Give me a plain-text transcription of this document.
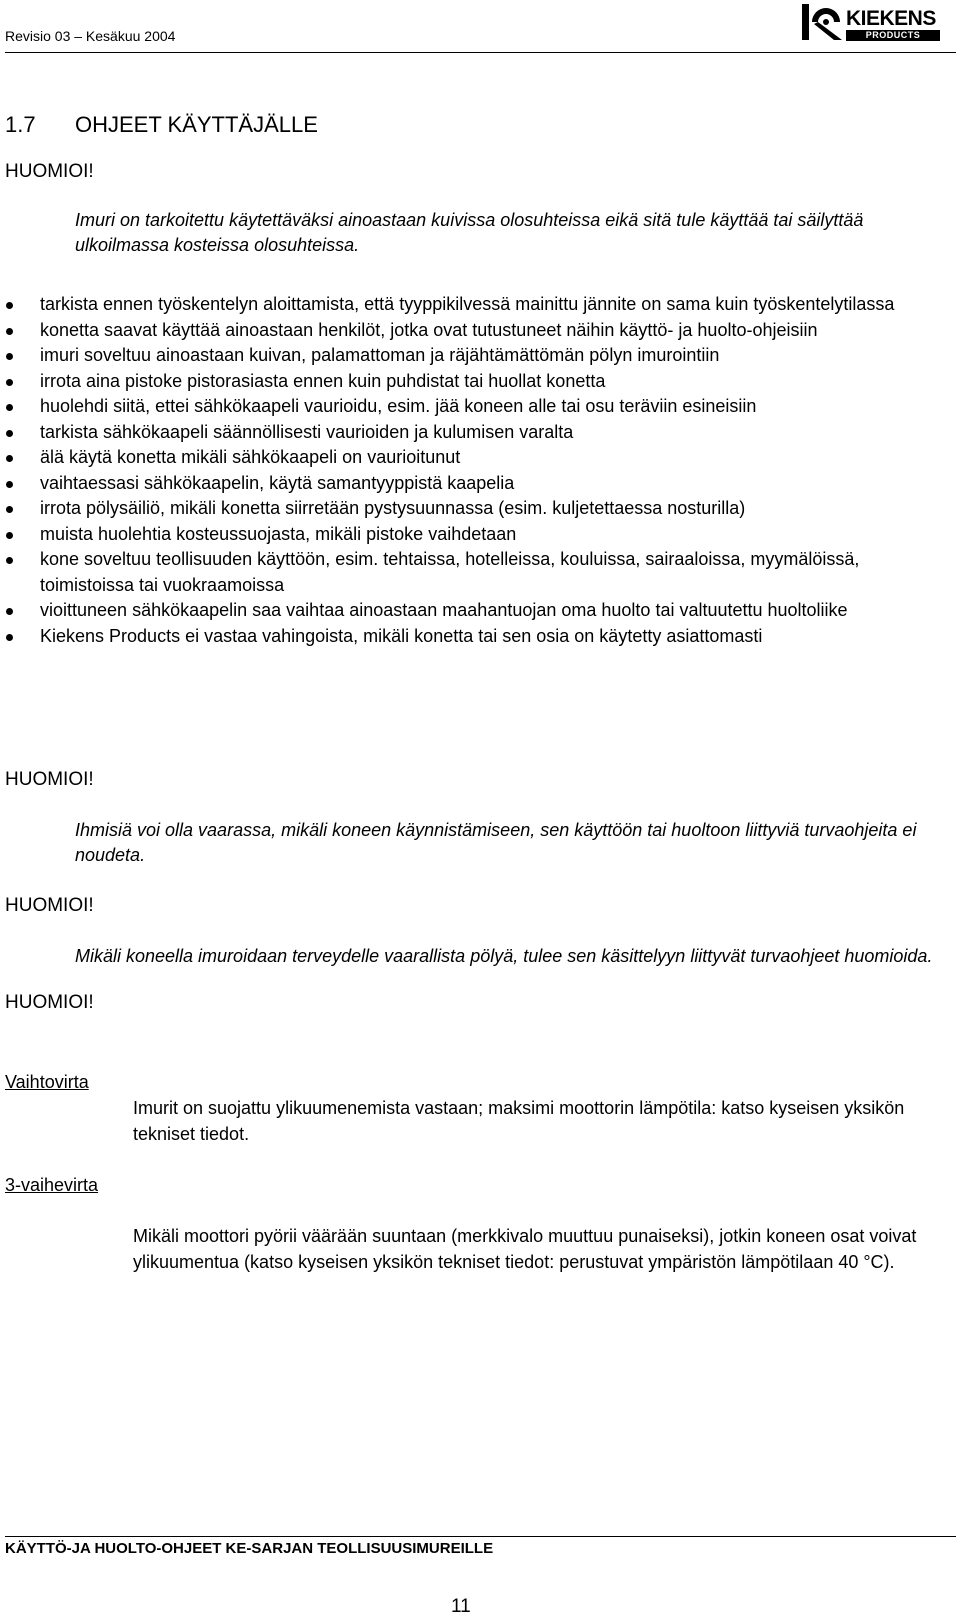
Revisio 03 – Kesäkuu 2004
KIEKENS
PRODUCTS
1.7 OHJEET KÄYTTÄJÄLLE
HUOMIOI!
Imuri on tarkoitettu käytettäväksi ainoastaan kuivissa olosuhteissa eikä sitä tule käyttää tai säilyttää ulkoilmassa kosteissa olosuhteissa.
tarkista ennen työskentelyn aloittamista, että tyyppikilvessä mainittu jännite on sama kuin työskentelytilassa
konetta saavat käyttää ainoastaan henkilöt, jotka ovat tutustuneet näihin käyttö- ja huolto-ohjeisiin
imuri soveltuu ainoastaan kuivan, palamattoman ja räjähtämättömän pölyn imurointiin
irrota aina pistoke pistorasiasta ennen kuin puhdistat tai huollat konetta
huolehdi siitä, ettei sähkökaapeli vaurioidu, esim. jää koneen alle tai osu teräviin esineisiin
tarkista sähkökaapeli säännöllisesti vaurioiden ja kulumisen varalta
älä käytä konetta mikäli sähkökaapeli on vaurioitunut
vaihtaessasi sähkökaapelin, käytä samantyyppistä kaapelia
irrota pölysäiliö, mikäli konetta siirretään pystysuunnassa (esim. kuljetettaessa nosturilla)
muista huolehtia kosteussuojasta, mikäli pistoke vaihdetaan
kone soveltuu teollisuuden käyttöön, esim. tehtaissa, hotelleissa, kouluissa, sairaaloissa, myymälöissä, toimistoissa tai vuokraamoissa
vioittuneen sähkökaapelin saa vaihtaa ainoastaan maahantuojan oma huolto tai valtuutettu huoltoliike
Kiekens Products ei vastaa vahingoista, mikäli konetta tai sen osia on käytetty asiattomasti
HUOMIOI!
Ihmisiä voi olla vaarassa, mikäli koneen käynnistämiseen, sen käyttöön tai huoltoon liittyviä turvaohjeita ei noudeta.
HUOMIOI!
Mikäli koneella imuroidaan terveydelle vaarallista pölyä, tulee sen käsittelyyn liittyvät turvaohjeet huomioida.
HUOMIOI!
Vaihtovirta
Imurit on suojattu ylikuumenemista vastaan; maksimi moottorin lämpötila: katso kyseisen yksikön tekniset tiedot.
3-vaihevirta
Mikäli moottori pyörii väärään suuntaan (merkkivalo muuttuu punaiseksi), jotkin koneen osat voivat ylikuumentua (katso kyseisen yksikön tekniset tiedot: perustuvat ympäristön lämpötilaan 40 °C).
KÄYTTÖ-JA HUOLTO-OHJEET KE-SARJAN TEOLLISUUSIMUREILLE
11
